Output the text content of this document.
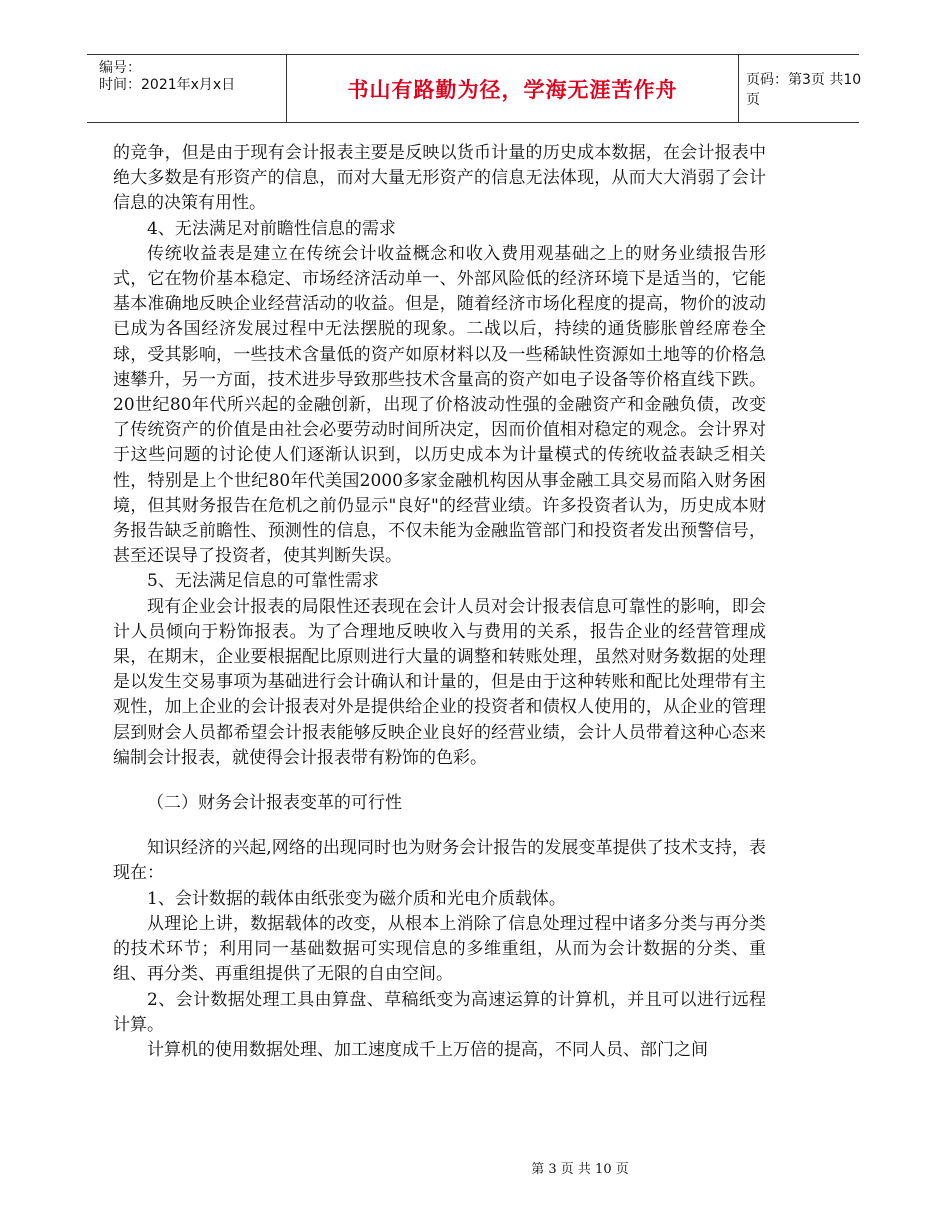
编号：
时间：2021年x月x日	书山有路勤为径，学海无涯苦作舟	页码：第3页 共10页

的竞争，但是由于现有会计报表主要是反映以货币计量的历史成本数据，在会计报表中绝大多数是有形资产的信息，而对大量无形资产的信息无法体现，从而大大消弱了会计信息的决策有用性。

4、无法满足对前瞻性信息的需求

传统收益表是建立在传统会计收益概念和收入费用观基础之上的财务业绩报告形式，它在物价基本稳定、市场经济活动单一、外部风险低的经济环境下是适当的，它能基本准确地反映企业经营活动的收益。但是，随着经济市场化程度的提高，物价的波动已成为各国经济发展过程中无法摆脱的现象。二战以后，持续的通货膨胀曾经席卷全球，受其影响，一些技术含量低的资产如原材料以及一些稀缺性资源如土地等的价格急速攀升，另一方面，技术进步导致那些技术含量高的资产如电子设备等价格直线下跌。20世纪80年代所兴起的金融创新，出现了价格波动性强的金融资产和金融负债，改变了传统资产的价值是由社会必要劳动时间所决定，因而价值相对稳定的观念。会计界对于这些问题的讨论使人们逐渐认识到，以历史成本为计量模式的传统收益表缺乏相关性，特别是上个世纪80年代美国2000多家金融机构因从事金融工具交易而陷入财务困境，但其财务报告在危机之前仍显示"良好"的经营业绩。许多投资者认为，历史成本财务报告缺乏前瞻性、预测性的信息，不仅未能为金融监管部门和投资者发出预警信号，甚至还误导了投资者，使其判断失误。

5、无法满足信息的可靠性需求

现有企业会计报表的局限性还表现在会计人员对会计报表信息可靠性的影响，即会计人员倾向于粉饰报表。为了合理地反映收入与费用的关系，报告企业的经营管理成果，在期末，企业要根据配比原则进行大量的调整和转账处理，虽然对财务数据的处理是以发生交易事项为基础进行会计确认和计量的，但是由于这种转账和配比处理带有主观性，加上企业的会计报表对外是提供给企业的投资者和债权人使用的，从企业的管理层到财会人员都希望会计报表能够反映企业良好的经营业绩，会计人员带着这种心态来编制会计报表，就使得会计报表带有粉饰的色彩。

（二）财务会计报表变革的可行性

知识经济的兴起,网络的出现同时也为财务会计报告的发展变革提供了技术支持，表现在：

1、会计数据的载体由纸张变为磁介质和光电介质载体。

从理论上讲，数据载体的改变，从根本上消除了信息处理过程中诸多分类与再分类的技术环节；利用同一基础数据可实现信息的多维重组，从而为会计数据的分类、重组、再分类、再重组提供了无限的自由空间。

2、会计数据处理工具由算盘、草稿纸变为高速运算的计算机，并且可以进行远程计算。

计算机的使用数据处理、加工速度成千上万倍的提高，不同人员、部门之间

第 3 页 共 10 页
